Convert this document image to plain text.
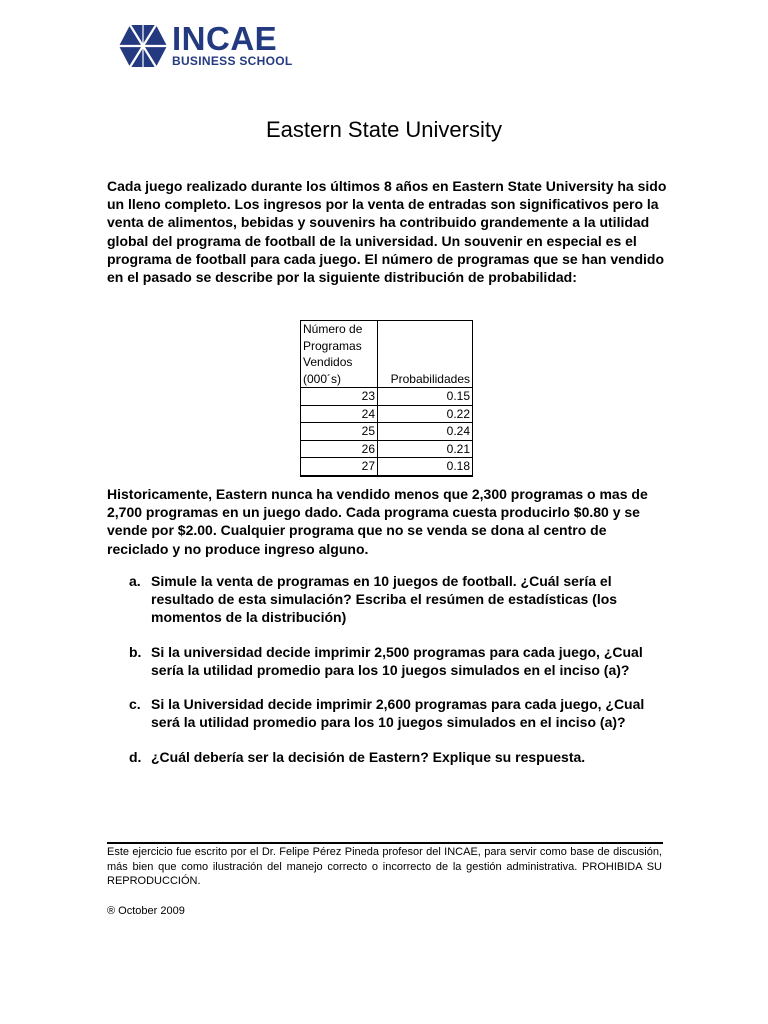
INCAE
BUSINESS SCHOOL
Eastern State University
Cada juego realizado durante los últimos 8 años en Eastern State University ha sido un lleno completo. Los ingresos por la venta de entradas son significativos pero la venta de alimentos, bebidas y souvenirs ha contribuido grandemente a la utilidad global del programa de football de la universidad. Un souvenir en especial es el programa de football para cada juego. El número de programas que se han vendido en el pasado se describe por la siguiente distribución de probabilidad:
Número de
Programas
Vendidos
(000´s)	Probabilidades
23	0.15
24	0.22
25	0.24
26	0.21
27	0.18
Historicamente, Eastern nunca ha vendido menos que 2,300 programas o mas de 2,700 programas en un juego dado. Cada programa cuesta producirlo $0.80 y se vende por $2.00. Cualquier programa que no se venda se dona al centro de reciclado y no produce ingreso alguno.
a. Simule la venta de programas en 10 juegos de football. ¿Cuál sería el resultado de esta simulación? Escriba el resúmen de estadísticas (los momentos de la distribución)
b. Si la universidad decide imprimir 2,500 programas para cada juego, ¿Cual sería la utilidad promedio para los 10 juegos simulados en el inciso (a)?
c. Si la Universidad decide imprimir 2,600 programas para cada juego, ¿Cual será la utilidad promedio para los 10 juegos simulados en el inciso (a)?
d. ¿Cuál debería ser la decisión de Eastern? Explique su respuesta.
Este ejercicio fue escrito por el Dr. Felipe Pérez Pineda profesor del INCAE, para servir como base de discusión, más bien que como ilustración del manejo correcto o incorrecto de la gestión administrativa. PROHIBIDA SU REPRODUCCIÓN.
® October 2009
